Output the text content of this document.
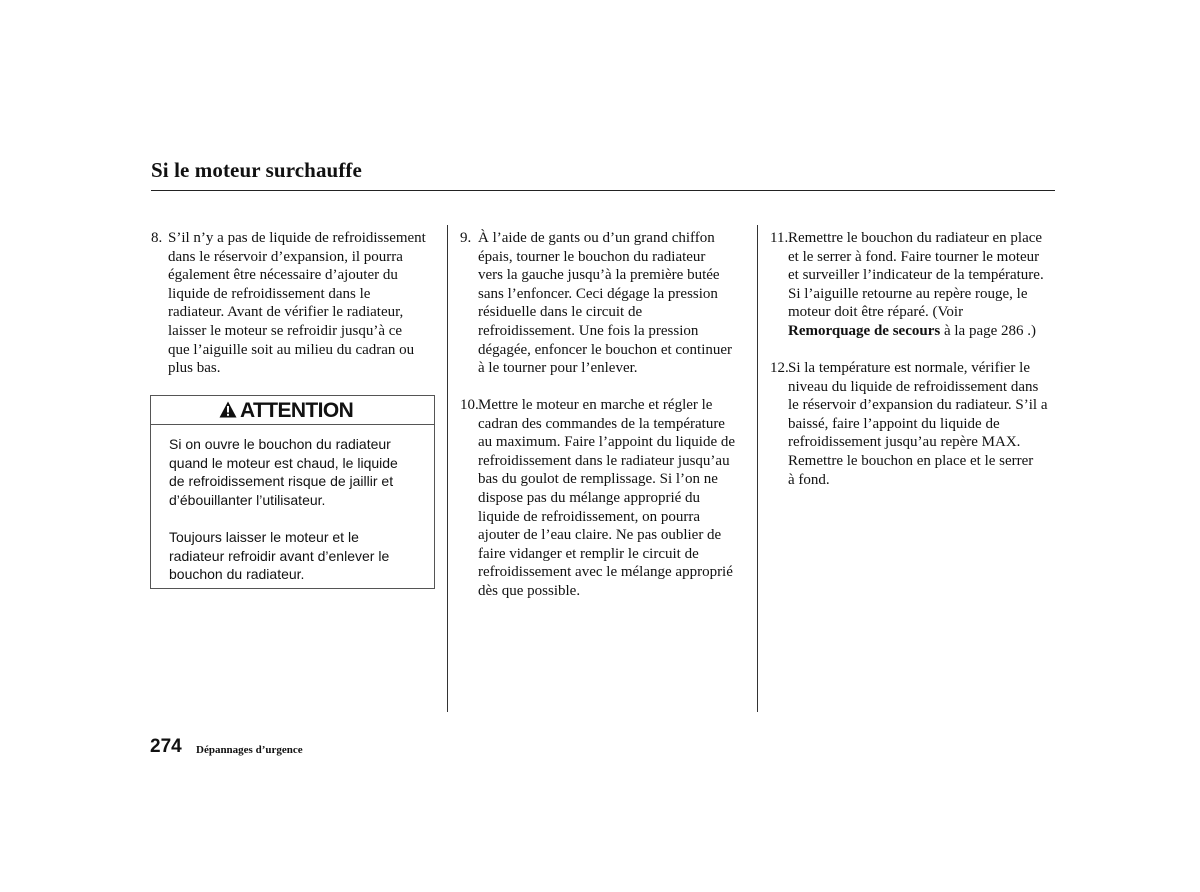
Si le moteur surchauffe
8. S’il n’y a pas de liquide de refroidissement
dans le réservoir d’expansion, il pourra
également être nécessaire d’ajouter du
liquide de refroidissement dans le
radiateur. Avant de vérifier le radiateur,
laisser le moteur se refroidir jusqu’à ce
que l’aiguille soit au milieu du cadran ou
plus bas.
ATTENTION
Si on ouvre le bouchon du radiateur
quand le moteur est chaud, le liquide
de refroidissement risque de jaillir et
d’ébouillanter l’utilisateur.
Toujours laisser le moteur et le
radiateur refroidir avant d’enlever le
bouchon du radiateur.
9. À l’aide de gants ou d’un grand chiffon
épais, tourner le bouchon du radiateur
vers la gauche jusqu’à la première butée
sans l’enfoncer. Ceci dégage la pression
résiduelle dans le circuit de
refroidissement. Une fois la pression
dégagée, enfoncer le bouchon et continuer
à le tourner pour l’enlever.
10. Mettre le moteur en marche et régler le
cadran des commandes de la température
au maximum. Faire l’appoint du liquide de
refroidissement dans le radiateur jusqu’au
bas du goulot de remplissage. Si l’on ne
dispose pas du mélange approprié du
liquide de refroidissement, on pourra
ajouter de l’eau claire. Ne pas oublier de
faire vidanger et remplir le circuit de
refroidissement avec le mélange approprié
dès que possible.
11. Remettre le bouchon du radiateur en place
et le serrer à fond. Faire tourner le moteur
et surveiller l’indicateur de la température.
Si l’aiguille retourne au repère rouge, le
moteur doit être réparé. (Voir
Remorquage de secours à la page 286 .)
12. Si la température est normale, vérifier le
niveau du liquide de refroidissement dans
le réservoir d’expansion du radiateur. S’il a
baissé, faire l’appoint du liquide de
refroidissement jusqu’au repère MAX.
Remettre le bouchon en place et le serrer
à fond.
274 Dépannages d’urgence
